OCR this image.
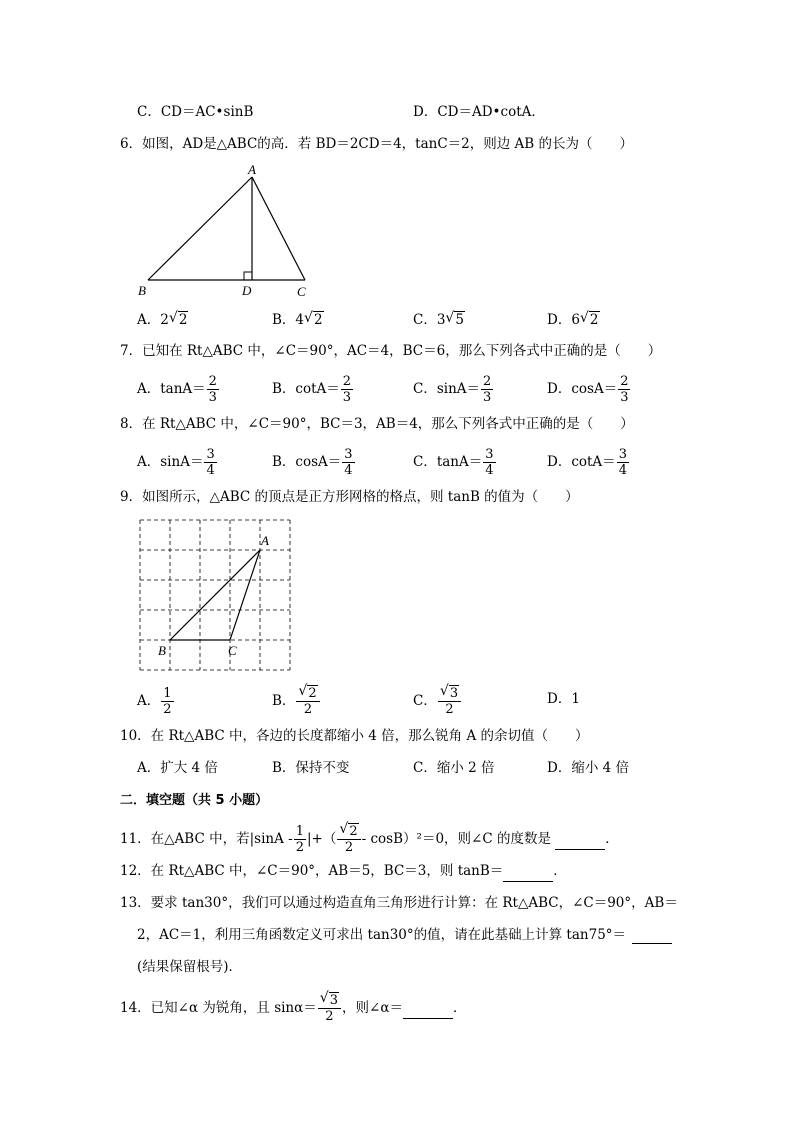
C．CD＝AC•sinB	D．CD＝AD•cotA．
6．如图，AD是△ABC的高．若 BD＝2CD＝4，tanC＝2，则边 AB 的长为（　　）
A
B	D	C
A．2 √ 2	B．4 √ 2	C．3 √ 5	D．6 √ 2
7．已知在 Rt△ABC 中，∠C＝90°，AC＝4，BC＝6，那么下列各式中正确的是（　　）
A．$\tan A= \frac{2}{3}$	B．$\cot A= \frac{2}{3}$	C．$\sin A= \frac{2}{3}$	D．$\cos A= \frac{2}{3}$
8．在 Rt△ABC 中，∠C＝90°，BC＝3，AB＝4，那么下列各式中正确的是（　　）
A．$\sin A= \frac{3}{4}$	B．$\cos A= \frac{3}{4}$	C．$\tan A= \frac{3}{4}$	D．$\cot A= \frac{3}{4}$
9．如图所示，△ABC 的顶点是正方形网格的格点，则 tanB 的值为（　　）
A
B	C
A． $\frac{1}{2}$	B． $\frac{√ 2}{2}$	C． $\frac{√ 3}{2}$	D．1
10．在 Rt△ABC 中，各边的长度都缩小 4 倍，那么锐角 A 的余切值（　　）
A．扩大 4 倍	B．保持不变	C．缩小 2 倍	D．缩小 4 倍
二．填空题（共 5 小题）
11．在△ABC 中，若$|\sin A - \frac{1}{2}$ |+（ $\frac{√ 2}{2} - \cos B)^2=0$，则∠C 的度数是	．
12．在 Rt△ABC 中，∠C＝90°，AB＝5，BC＝3，则 tanB＝	．
13．要求 tan30°，我们可以通过构造直角三角形进行计算：在 Rt△ABC，∠C＝90°，AB＝
2，AC＝1，利用三角函数定义可求出 tan30°的值，请在此基础上计算 tan75°＝

(结果保留根号)．
14．已知∠α 为锐角，且 $\sin\alpha= \frac{√ 3}{2}$ ，则∠α＝	．
